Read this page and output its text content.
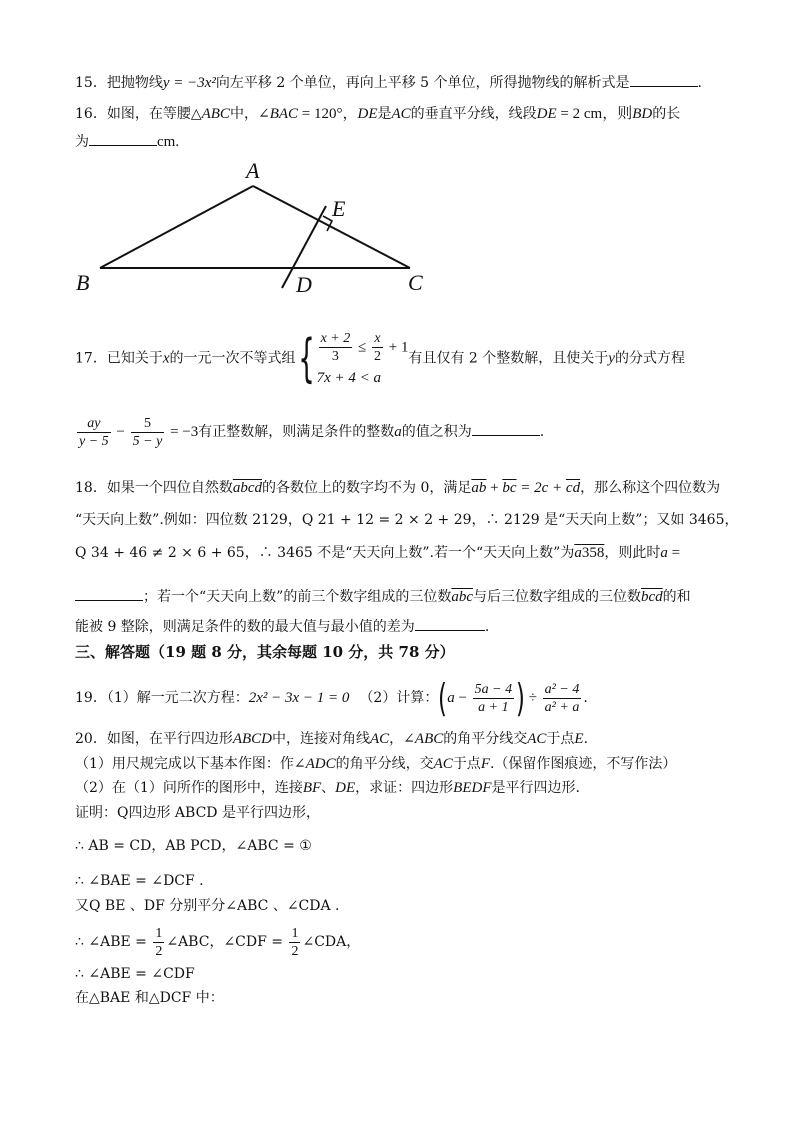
15．把抛物线y = −3x²向左平移 2 个单位，再向上平移 5 个单位，所得抛物线的解析式是	.
16．如图，在等腰△ABC中，∠BAC = 120°，DE是AC的垂直平分线，线段DE = 2 cm，则BD的长
为	cm.
A
B	C
D
E
17．已知关于x的一元一次不等式组{ $\frac{x + 2}{3} \le \frac{x}{2} + 1$
7x + 4 < a
有且仅有 2 个整数解，且使关于y的分式方程
$\frac{ay}{y - 5} - \frac{5}{5 - y} = -3$有正整数解，则满足条件的整数a的值之积为	.
18．如果一个四位自然数abcd的各数位上的数字均不为 0，满足$\overline{ab} + \overline{bc} = 2c + \overline{cd}$，那么称这个四位数为
“天天向上数”.例如：四位数 2129，Q 21 + 12 = 2 × 2 + 29，∴ 2129 是“天天向上数”；又如 3465，
Q 34 + 46 ≠ 2 × 6 + 65，∴ 3465 不是“天天向上数”.若一个“天天向上数”为a358，则此时a =
；若一个“天天向上数”的前三个数字组成的三位数$\overline{abc}$与后三位数字组成的三位数$\overline{bcd}$的和
能被 9 整除，则满足条件的数的最大值与最小值的差为	.
三、解答题（19 题 8 分，其余每题 10 分，共 78 分）
19．（1）解一元二次方程：2x² − 3x − 1 = 0 （2）计算：($a - \frac{5a - 4}{a + 1}$ ) ÷ $\frac{\text{a² − 4}}{\text{a² + a}}$ .
20．如图，在平行四边形ABCD中，连接对角线AC，∠ABC的角平分线交AC于点E.
（1）用尺规完成以下基本作图：作∠ADC的角平分线，交AC于点F.（保留作图痕迹，不写作法）
（2）在（1）问所作的图形中，连接BF、DE，求证：四边形BEDF是平行四边形.
证明：Q四边形 ABCD 是平行四边形，
∴ AB = CD，AB PCD，∠ABC = ①
∴ ∠BAE = ∠DCF .
又Q BE 、DF 分别平分∠ABC 、∠CDA .
∴ ∠ABE = $\frac{1}{2}$ ∠ABC，∠CDF = $\frac{1}{2}$ ∠CDA，
∴ ∠ABE = ∠CDF
在△BAE 和△DCF 中：
